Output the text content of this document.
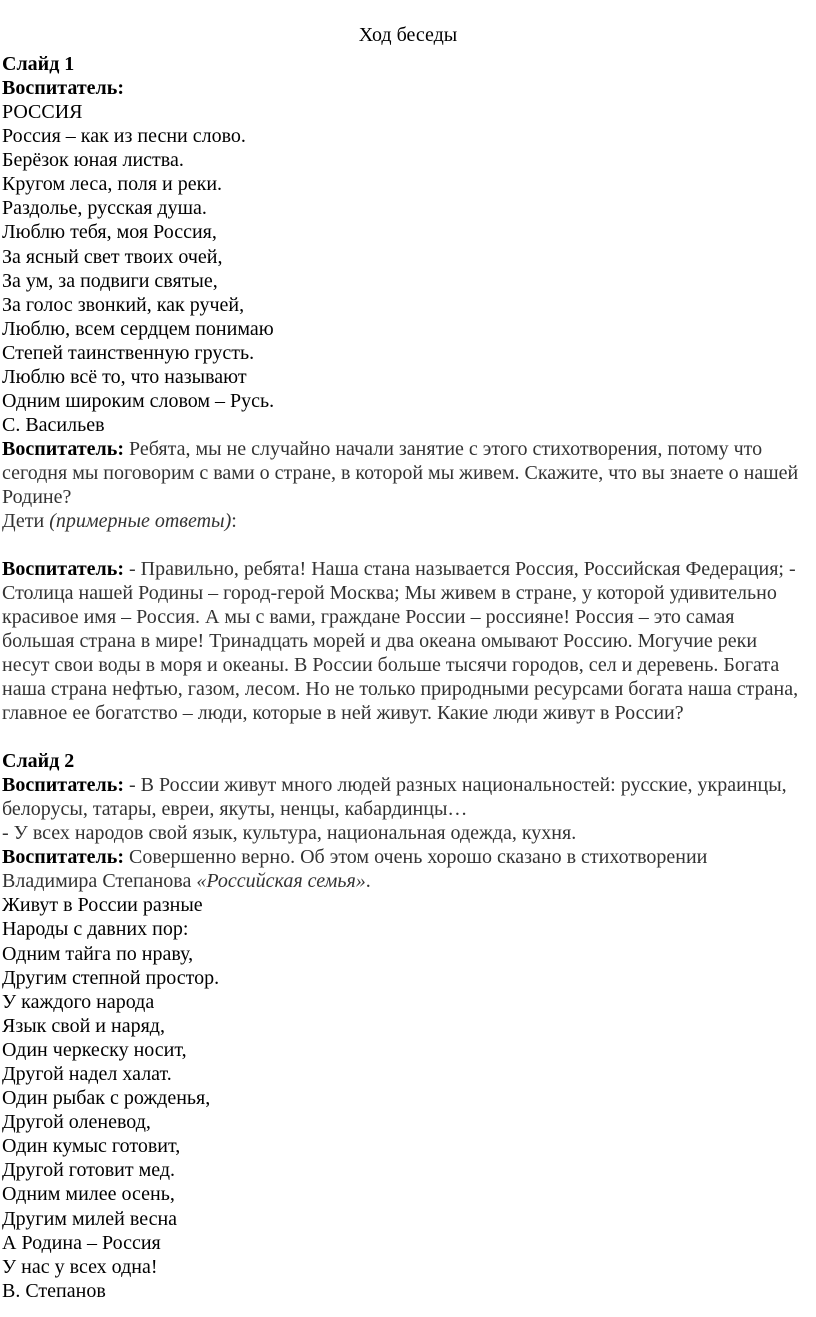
Ход беседы
Слайд 1
Воспитатель:
РОССИЯ
Россия – как из песни слово.
Берёзок юная листва.
Кругом леса, поля и реки.
Раздолье, русская душа.
Люблю тебя, моя Россия,
За ясный свет твоих очей,
За ум, за подвиги святые,
За голос звонкий, как ручей,
Люблю, всем сердцем понимаю
Степей таинственную грусть.
Люблю всё то, что называют
Одним широким словом – Русь.
С. Васильев
Воспитатель: Ребята, мы не случайно начали занятие с этого стихотворения, потому что сегодня мы поговорим с вами о стране, в которой мы живем. Скажите, что вы знаете о нашей Родине?
Дети (примерные ответы):
Воспитатель: - Правильно, ребята! Наша стана называется Россия, Российская Федерация; - Столица нашей Родины – город-герой Москва; Мы живем в стране, у которой удивительно красивое имя – Россия. А мы с вами, граждане России – россияне! Россия – это самая большая страна в мире! Тринадцать морей и два океана омывают Россию. Могучие реки несут свои воды в моря и океаны. В России больше тысячи городов, сел и деревень. Богата наша страна нефтью, газом, лесом. Но не только природными ресурсами богата наша страна, главное ее богатство – люди, которые в ней живут. Какие люди живут в России?
Слайд 2
Воспитатель: - В России живут много людей разных национальностей: русские, украинцы, белорусы, татары, евреи, якуты, ненцы, кабардинцы…
- У всех народов свой язык, культура, национальная одежда, кухня.
Воспитатель: Совершенно верно. Об этом очень хорошо сказано в стихотворении Владимира Степанова «Российская семья».
Живут в России разные
Народы с давних пор:
Одним тайга по нраву,
Другим степной простор.
У каждого народа
Язык свой и наряд,
Один черкеску носит,
Другой надел халат.
Один рыбак с рожденья,
Другой оленевод,
Один кумыс готовит,
Другой готовит мед.
Одним милее осень,
Другим милей весна
А Родина – Россия
У нас у всех одна!
В. Степанов
